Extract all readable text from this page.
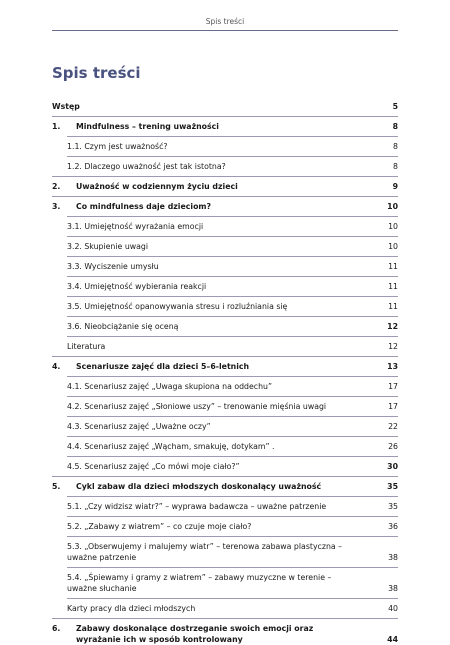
Spis treści
Spis treści
Wstęp	5
1.	Mindfulness – trening uważności	8
1.1. Czym jest uważność?	8
1.2. Dlaczego uważność jest tak istotna?	8
2.	Uważność w codziennym życiu dzieci	9
3.	Co mindfulness daje dzieciom?	10
3.1. Umiejętność wyrażania emocji	10
3.2. Skupienie uwagi	10
3.3. Wyciszenie umysłu	11
3.4. Umiejętność wybierania reakcji	11
3.5. Umiejętność opanowywania stresu i rozluźniania się	11
3.6. Nieobciążanie się oceną	12
Literatura	12
4.	Scenariusze zajęć dla dzieci 5–6-letnich	13
4.1. Scenariusz zajęć „Uwaga skupiona na oddechu”	17
4.2. Scenariusz zajęć „Słoniowe uszy” – trenowanie mięśnia uwagi	17
4.3. Scenariusz zajęć „Uważne oczy”	22
4.4. Scenariusz zajęć „Wącham, smakuję, dotykam” .	26
4.5. Scenariusz zajęć „Co mówi moje ciało?”	30
5.	Cykl zabaw dla dzieci młodszych doskonalący uważność	35
5.1. „Czy widzisz wiatr?” – wyprawa badawcza – uważne patrzenie	35
5.2. „Zabawy z wiatrem” – co czuje moje ciało?	36
5.3. „Obserwujemy i malujemy wiatr” – terenowa zabawa plastyczna – uważne patrzenie	38
5.4. „Śpiewamy i gramy z wiatrem” – zabawy muzyczne w terenie – uważne słuchanie	38
Karty pracy dla dzieci młodszych	40
6.	Zabawy doskonalące dostrzeganie swoich emocji oraz wyrażanie ich w sposób kontrolowany	44
